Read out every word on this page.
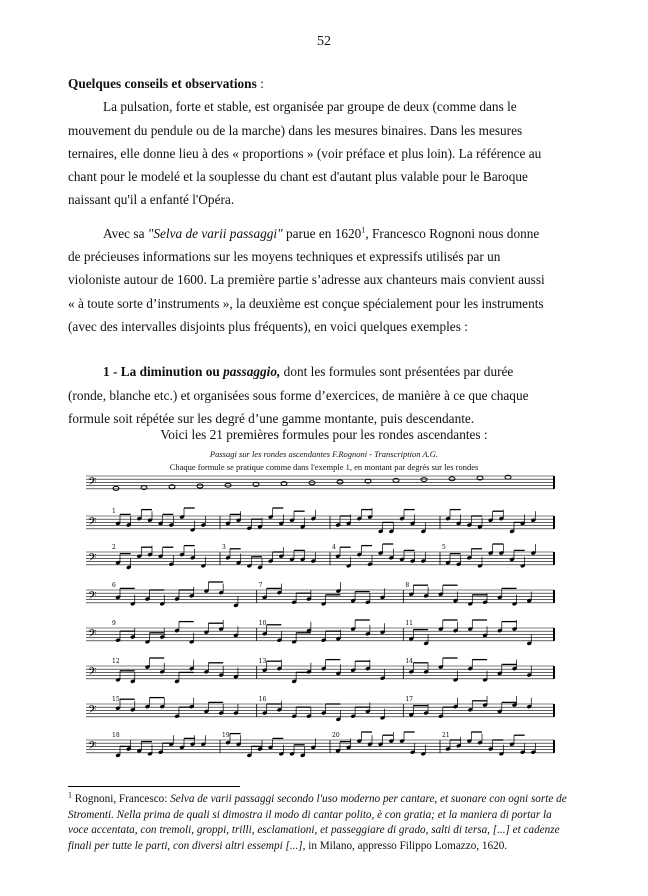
52

Quelques conseils et observations :

La pulsation, forte et stable, est organisée par groupe de deux (comme dans le mouvement du pendule ou de la marche) dans les mesures binaires. Dans les mesures ternaires, elle donne lieu à des « proportions » (voir préface et plus loin). La référence au chant pour le modelé et la souplesse du chant est d'autant plus valable pour le Baroque naissant qu'il a enfanté l'Opéra.

Avec sa "Selva de varii passaggi" parue en 1620$^1$, Francesco Rognoni nous donne de précieuses informations sur les moyens techniques et expressifs utilisés par un violoniste autour de 1600. La première partie s’adresse aux chanteurs mais convient aussi « à toute sorte d’instruments », la deuxième est conçue spécialement pour les instruments (avec des intervalles disjoints plus fréquents), en voici quelques exemples :

1 - La diminution ou passaggio, dont les formules sont présentées par durée (ronde, blanche etc.) et organisées sous forme d’exercices, de manière à ce que chaque formule soit répétée sur les degré d’une gamme montante, puis descendante.

Voici les 21 premières formules pour les rondes ascendantes :
Passagi sur les rondes ascendantes F.Rognoni - Transcription A.G.
Chaque formule se pratique comme dans l'exemple 1, en montant par degrés sur les rondes
𝄢
𝄢
1
𝄢
2	3	4	5
𝄢
6	7	8
𝄢
9	10	11
𝄢
12	13	14
𝄢
15	16	17
𝄢
18	19	20	21
$^1$ Rognoni, Francesco: Selva de varii passaggi secondo l'uso moderno per cantare, et suonare con ogni sorte de Stromenti. Nella prima de quali si dimostra il modo di cantar polito, è con gratia; et la maniera di portar la voce accentata, con tremoli, groppi, trilli, esclamationi, et passeggiare di grado, salti di tersa, [...] et cadenze finali per tutte le parti, con diversi altri essempi [...], in Milano, appresso Filippo Lomazzo, 1620.
